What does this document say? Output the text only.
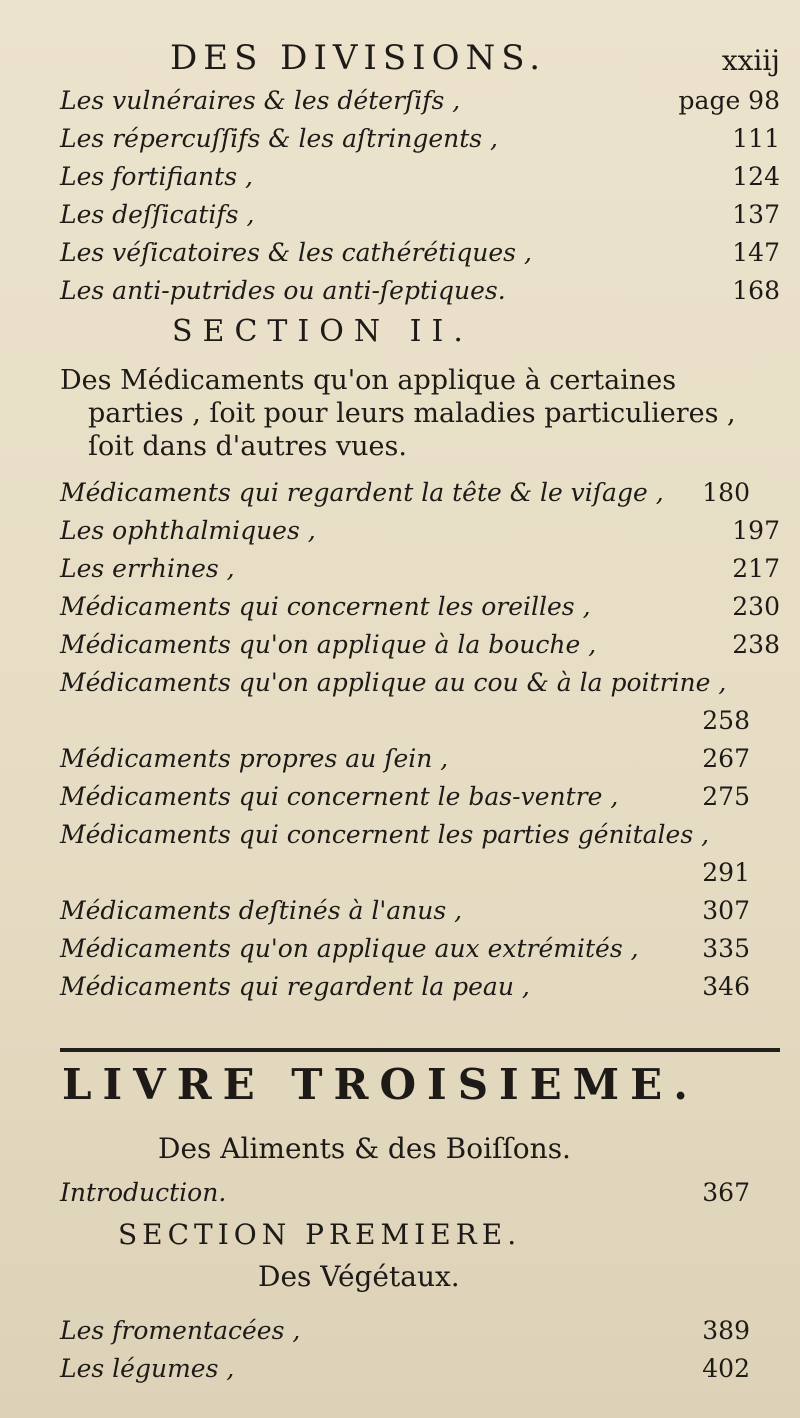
DES DIVISIONS.	xxiij
Les vulnéraires & les déterſifs ,	page 98
Les répercuſſifs & les aſtringents ,	111
Les fortifiants ,	124
Les deſſicatifs ,	137
Les véſicatoires & les cathérétiques ,	147
Les anti-putrides ou anti-ſeptiques.	168
SECTION II.
Des Médicaments qu'on applique à certaines
parties , ſoit pour leurs maladies particulieres ,
ſoit dans d'autres vues.
Médicaments qui regardent la tête & le viſage , 180
Les ophthalmiques ,	197
Les errhines ,	217
Médicaments qui concernent les oreilles ,	230
Médicaments qu'on applique à la bouche ,	238
Médicaments qu'on applique au cou & à la poitrine ,
258
Médicaments propres au ſein ,	267
Médicaments qui concernent le bas-ventre ,	275
Médicaments qui concernent les parties génitales ,
291
Médicaments deſtinés à l'anus ,	307
Médicaments qu'on applique aux extrémités ,	335
Médicaments qui regardent la peau ,	346
LIVRE TROISIEME.
Des Aliments & des Boiſſons.
Introduction.	367
SECTION PREMIERE.
Des Végétaux.
Les fromentacées ,	389
Les légumes ,	402
